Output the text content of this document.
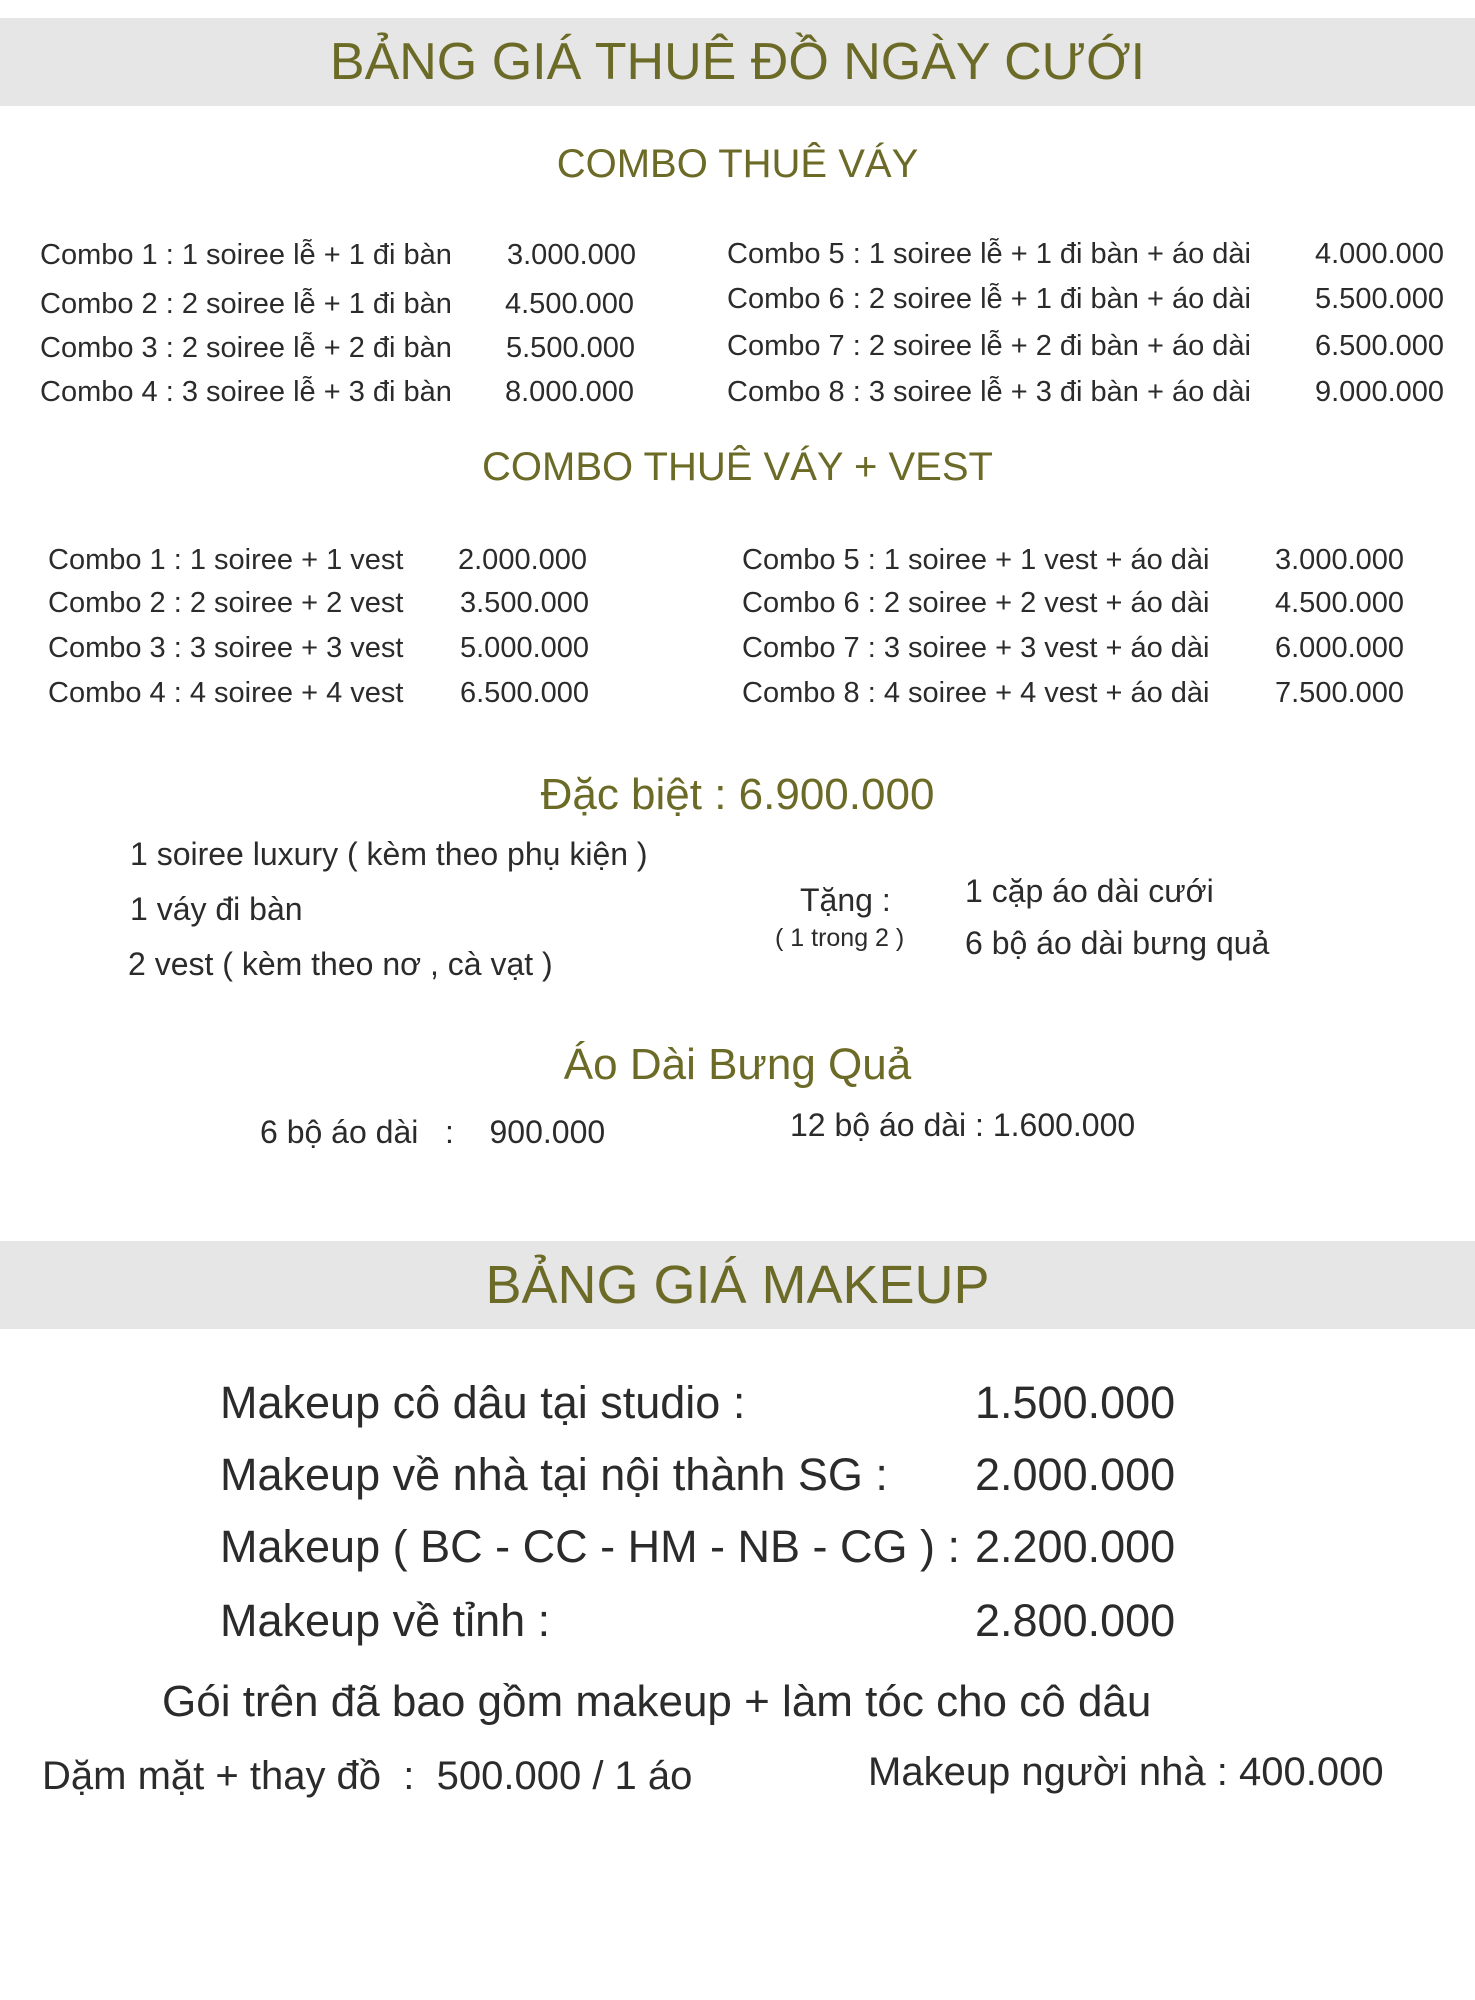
BẢNG GIÁ THUÊ ĐỒ NGÀY CƯỚI
COMBO THUÊ VÁY
Combo 1 : 1 soiree lễ + 1 đi bàn 3.000.000
Combo 2 : 2 soiree lễ + 1 đi bàn 4.500.000
Combo 3 : 2 soiree lễ + 2 đi bàn 5.500.000
Combo 4 : 3 soiree lễ + 3 đi bàn 8.000.000
Combo 5 : 1 soiree lễ + 1 đi bàn + áo dài 4.000.000
Combo 6 : 2 soiree lễ + 1 đi bàn + áo dài 5.500.000
Combo 7 : 2 soiree lễ + 2 đi bàn + áo dài 6.500.000
Combo 8 : 3 soiree lễ + 3 đi bàn + áo dài 9.000.000
COMBO THUÊ VÁY + VEST
Combo 1 : 1 soiree + 1 vest 2.000.000
Combo 2 : 2 soiree + 2 vest 3.500.000
Combo 3 : 3 soiree + 3 vest 5.000.000
Combo 4 : 4 soiree + 4 vest 6.500.000
Combo 5 : 1 soiree + 1 vest + áo dài 3.000.000
Combo 6 : 2 soiree + 2 vest + áo dài 4.500.000
Combo 7 : 3 soiree + 3 vest + áo dài 6.000.000
Combo 8 : 4 soiree + 4 vest + áo dài 7.500.000
Đặc biệt : 6.900.000
1 soiree luxury ( kèm theo phụ kiện )
1 váy đi bàn
2 vest ( kèm theo nơ , cà vạt )
Tặng :
( 1 trong 2 )
1 cặp áo dài cưới
6 bộ áo dài bưng quả
Áo Dài Bưng Quả
6 bộ áo dài   :    900.000	12 bộ áo dài : 1.600.000
BẢNG GIÁ MAKEUP
Makeup cô dâu tại studio :	1.500.000
Makeup về nhà tại nội thành SG : 2.000.000
Makeup ( BC - CC - HM - NB - CG ) : 2.200.000
Makeup về tỉnh :	2.800.000
Gói trên đã bao gồm makeup + làm tóc cho cô dâu
Dặm mặt + thay đồ  :  500.000 / 1 áo	Makeup người nhà : 400.000
